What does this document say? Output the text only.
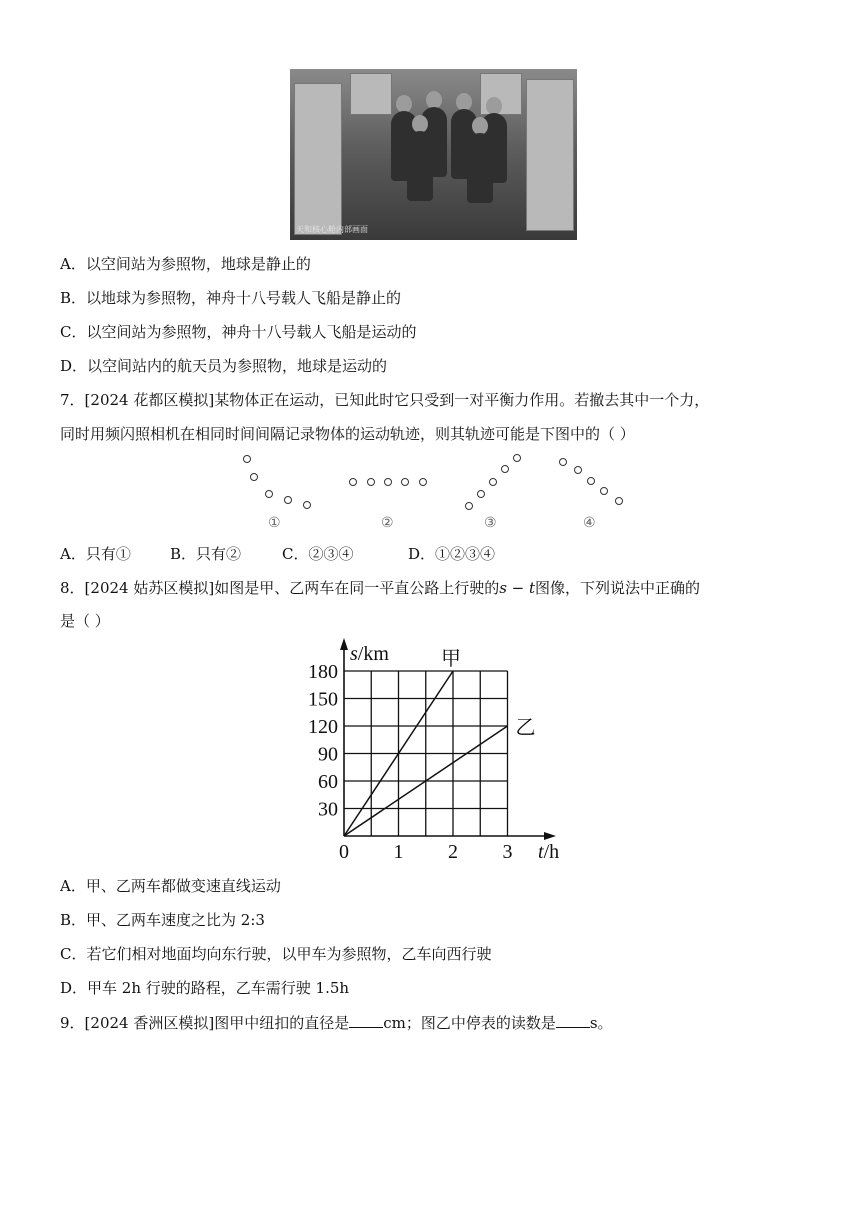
天和核心舱内部画面
A．以空间站为参照物，地球是静止的
B．以地球为参照物，神舟十八号载人飞船是静止的
C．以空间站为参照物，神舟十八号载人飞船是运动的
D．以空间站内的航天员为参照物，地球是运动的
7．[2024 花都区模拟]某物体正在运动，已知此时它只受到一对平衡力作用。若撤去其中一个力，
同时用频闪照相机在相同时间间隔记录物体的运动轨迹，则其轨迹可能是下图中的（ ）
①	②	③	④
A．只有①	B．只有②	C．②③④	D．①②③④
8．[2024 姑苏区模拟]如图是甲、乙两车在同一平直公路上行驶的s − t图像，下列说法中正确的
是（ ）
甲
乙
30
60
90
120
150
180
0 1 2 3
s/km
t/h
A．甲、乙两车都做变速直线运动
B．甲、乙两车速度之比为 2:3
C．若它们相对地面均向东行驶，以甲车为参照物，乙车向西行驶
D．甲车 2h 行驶的路程，乙车需行驶 1.5h
9．[2024 香洲区模拟]图甲中纽扣的直径是 cm；图乙中停表的读数是 s。
